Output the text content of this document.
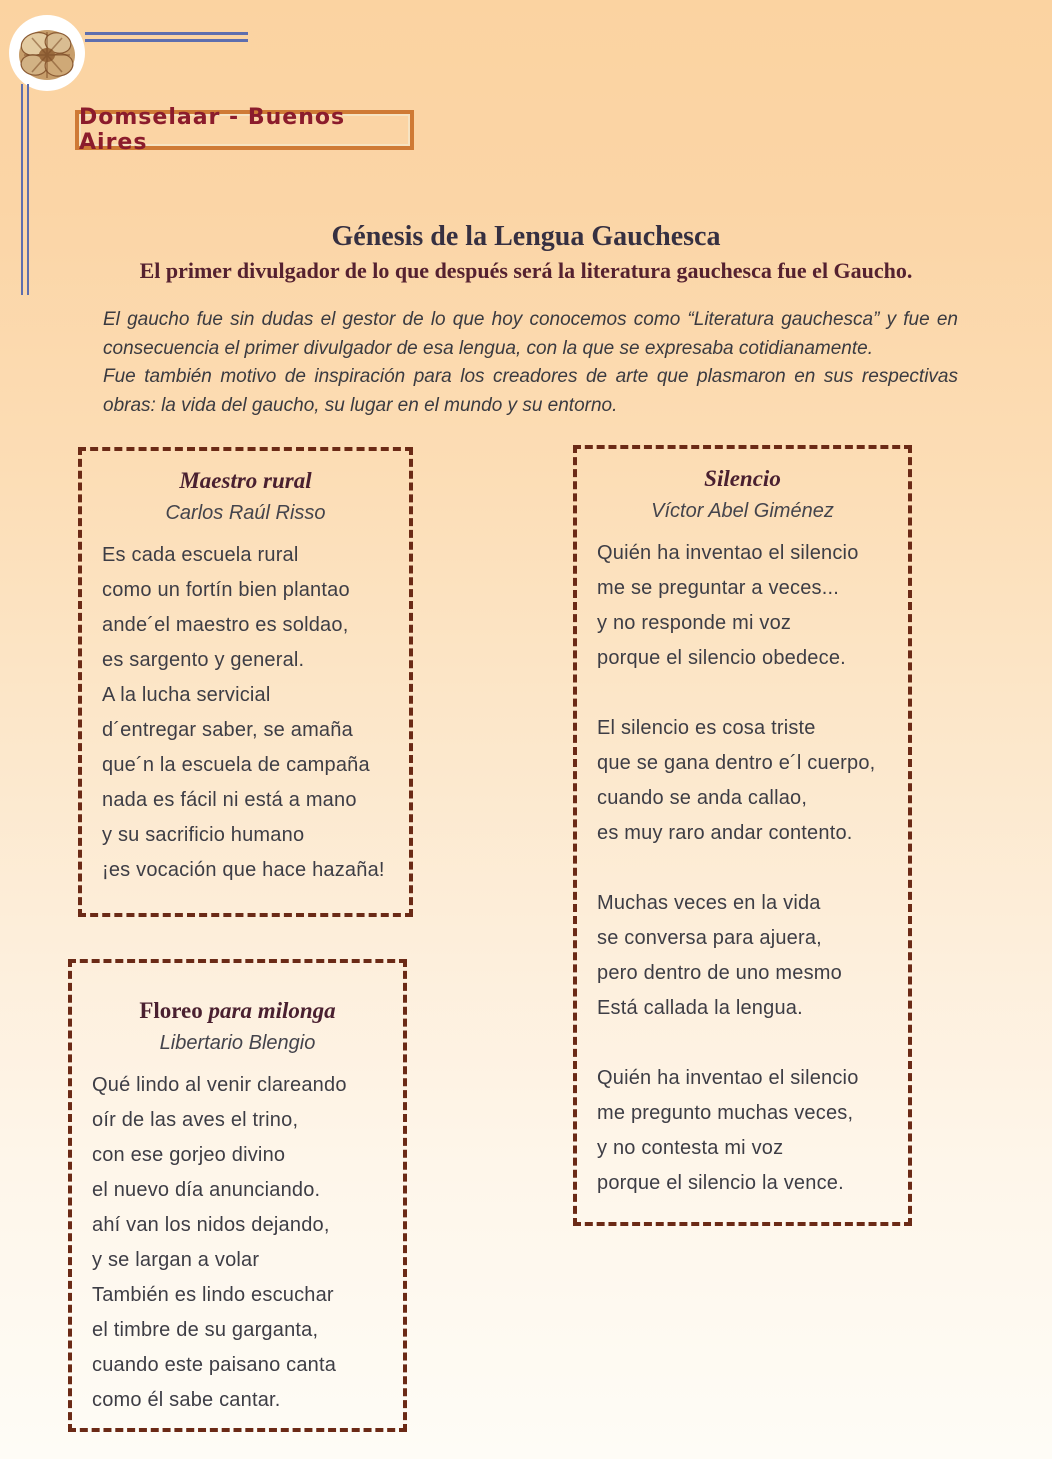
Domselaar - Buenos Aires
Génesis de la Lengua Gauchesca
El primer divulgador de lo que después será la literatura gauchesca fue el Gaucho.

El gaucho fue sin dudas el gestor de lo que hoy conocemos como “Literatura gauchesca” y fue en consecuencia el primer divulgador de esa lengua, con la que se expresaba cotidianamente.

Fue también motivo de inspiración para los creadores de arte que plasmaron en sus respectivas obras: la vida del gaucho, su lugar en el mundo y su entorno.

Maestro rural
Carlos Raúl Risso
Es cada escuela rural
como un fortín bien plantao
ande´el maestro es soldao,
es sargento y general.
A la lucha servicial
d´entregar saber, se amaña
que´n la escuela de campaña
nada es fácil ni está a mano
y su sacrificio humano
¡es vocación que hace hazaña!
Silencio
Víctor Abel Giménez
Quién ha inventao el silencio
me se preguntar a veces...
y no responde mi voz
porque el silencio obedece.
El silencio es cosa triste
que se gana dentro e´l cuerpo,
cuando se anda callao,
es muy raro andar contento.
Muchas veces en la vida
se conversa para ajuera,
pero dentro de uno mesmo
Está callada la lengua.
Quién ha inventao el silencio
me pregunto muchas veces,
y no contesta mi voz
porque el silencio la vence.
Floreo para milonga
Libertario Blengio
Qué lindo al venir clareando
oír de las aves el trino,
con ese gorjeo divino
el nuevo día anunciando.
ahí van los nidos dejando,
y se largan a volar
También es lindo escuchar
el timbre de su garganta,
cuando este paisano canta
como él sabe cantar.
